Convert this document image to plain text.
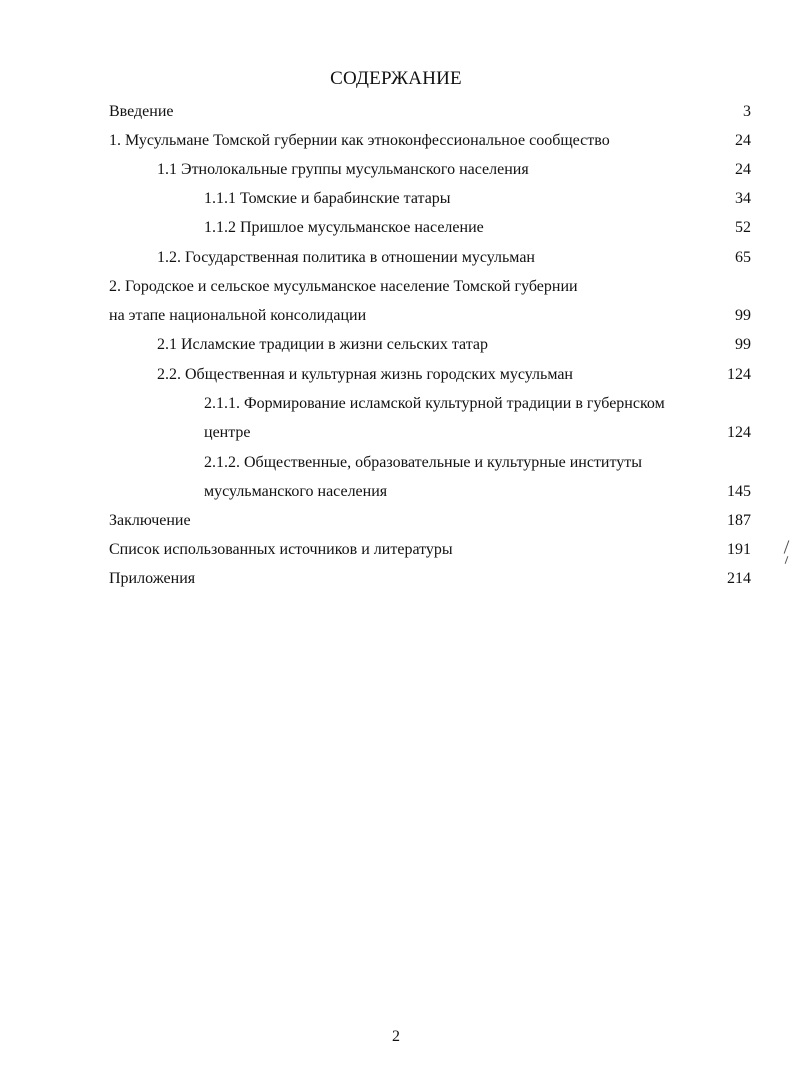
СОДЕРЖАНИЕ
Введение	3
1. Мусульмане Томской губернии как этноконфессиональное сообщество	24
1.1 Этнолокальные группы мусульманского населения	24
1.1.1 Томские и барабинские татары	34
1.1.2 Пришлое мусульманское население	52
1.2. Государственная политика в отношении мусульман	65
2. Городское и сельское мусульманское население Томской губернии
на этапе национальной консолидации	99
2.1 Исламские традиции в жизни сельских татар	99
2.2. Общественная и культурная жизнь городских мусульман	124
2.1.1. Формирование исламской культурной традиции в губернском
центре	124
2.1.2. Общественные, образовательные и культурные институты
мусульманского населения	145
Заключение	187
Список использованных источников и литературы	191
Приложения	214
2
